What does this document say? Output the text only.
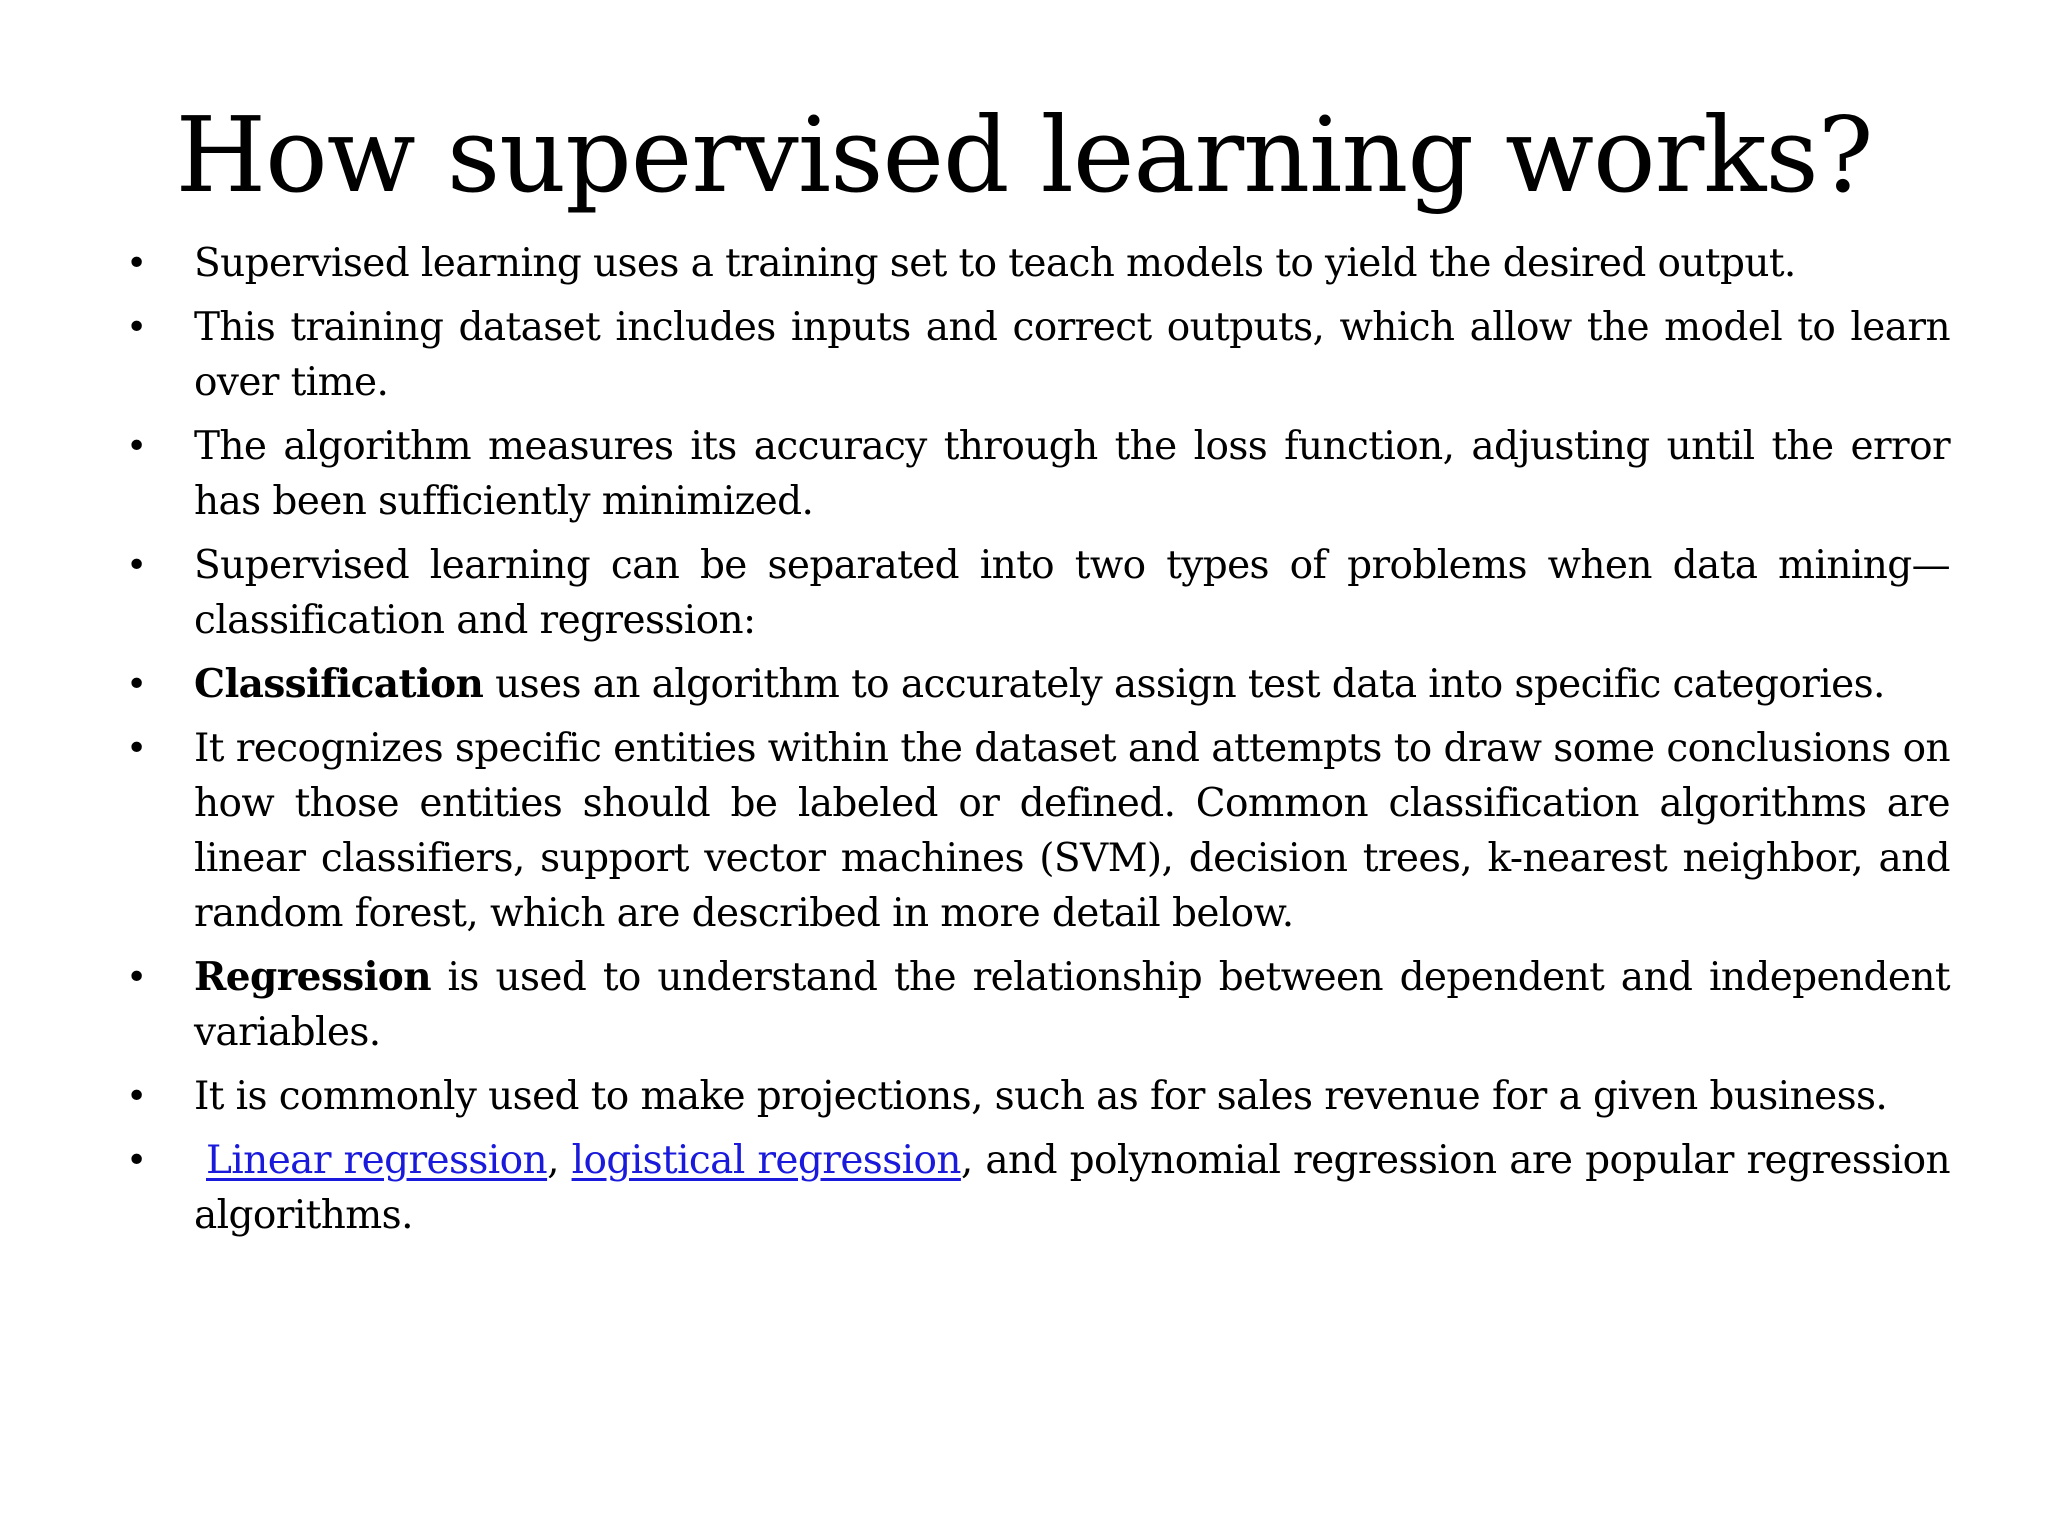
How supervised learning works?
• Supervised learning uses a training set to teach models to yield the desired output.
• This training dataset includes inputs and correct outputs, which allow the model to learn over time.
• The algorithm measures its accuracy through the loss function, adjusting until the error has been sufficiently minimized.
• Supervised learning can be separated into two types of problems when data mining—classification and regression:
• Classification uses an algorithm to accurately assign test data into specific categories.
• It recognizes specific entities within the dataset and attempts to draw some conclusions on how those entities should be labeled or defined. Common classification algorithms are linear classifiers, support vector machines (SVM), decision trees, k-nearest neighbor, and random forest, which are described in more detail below.
• Regression is used to understand the relationship between dependent and independent variables.
• It is commonly used to make projections, such as for sales revenue for a given business.
• Linear regression, logistical regression, and polynomial regression are popular regression algorithms.
